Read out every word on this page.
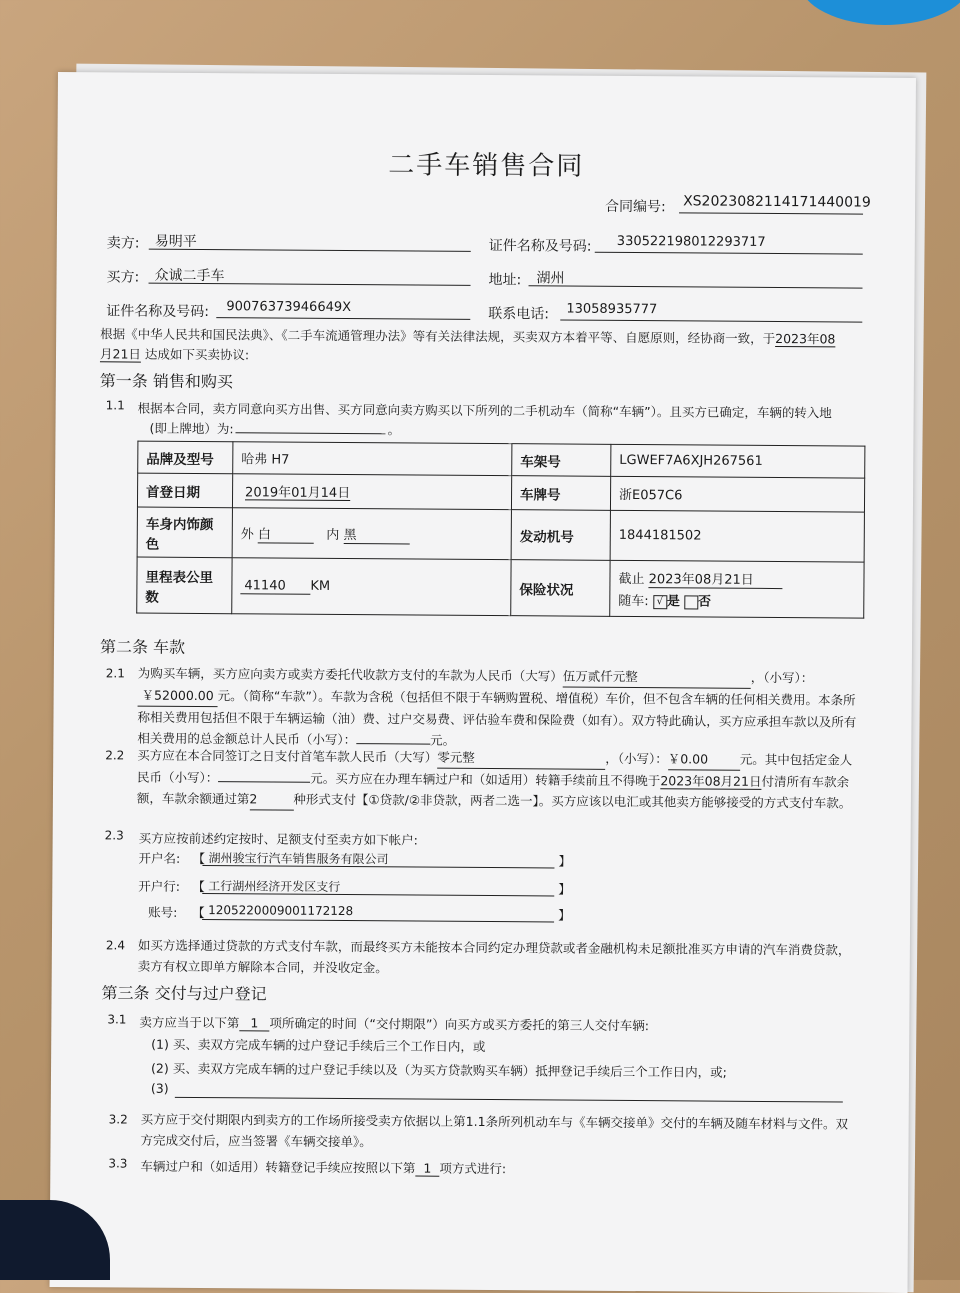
二手车销售合同
合同编号: XS2023082114171440019
卖方: 易明平	证件名称及号码: 330522198012293717
买方: 众诚二手车	地址: 湖州
证件名称及号码: 90076373946649X	联系电话: 13058935777
根据《中华人民共和国民法典》、《二手车流通管理办法》等有关法律法规，买卖双方本着平等、自愿原则，经协商一致，于2023年08
月21日 达成如下买卖协议:
第一条 销售和购买
1.1 根据本合同，卖方同意向买方出售、买方同意向卖方购买以下所列的二手机动车（简称“车辆”）。且买方已确定，车辆的转入地
(即上牌地）为:	。
品牌及型号	哈弗 H7	车架号	LGWEF7A6XJH267561
首登日期	2019年01月14日	车牌号	浙E057C6
车身内饰颜色	外 白 内 黑	发动机号	1844181502
里程表公里数	41140 KM	保险状况	截止 2023年08月21日
随车: √ 是 否
第二条 车款
2.1 为购买车辆，买方应向卖方或卖方委托代收款方支付的车款为人民币（大写）伍万贰仟元整	，（小写）：￥52000.00 元。（简称“车款”）。车款为含税（包括但不限于车辆购置税、增值税）车价，但不包含车辆的任何相关费用。本条所称相关费用包括但不限于车辆运输（油）费、过户交易费、评估验车费和保险费（如有）。双方特此确认，买方应承担车款以及所有相关费用的总金额总计人民币（小写）：	元。
2.2 买方应在本合同签订之日支付首笔车款人民币（大写）零元整	，（小写）：￥0.00	元。其中包括定金人民币（小写）：	元。买方应在办理车辆过户和（如适用）转籍手续前且不得晚于2023年08月21日付清所有车款余额，车款余额通过第2	种形式支付【①贷款/②非贷款，两者二选一】。买方应该以电汇或其他卖方能够接受的方式支付车款。
2.3 买方应按前述约定按时、足额支付至卖方如下帐户:
开户名: 【 湖州骏宝行汽车销售服务有限公司	】
开户行: 【 工行湖州经济开发区支行	】
账号: 【 1205220009001172128	】
2.4 如买方选择通过贷款的方式支付车款，而最终买方未能按本合同约定办理贷款或者金融机构未足额批准买方申请的汽车消费贷款，卖方有权立即单方解除本合同，并没收定金。
第三条 交付与过户登记
3.1 卖方应当于以下第 1 项所确定的时间（“交付期限”）向买方或买方委托的第三人交付车辆:
(1) 买、卖双方完成车辆的过户登记手续后三个工作日内，或
(2) 买、卖双方完成车辆的过户登记手续以及（为买方贷款购买车辆）抵押登记手续后三个工作日内，或;
(3)
3.2 买方应于交付期限内到卖方的工作场所接受卖方依据以上第1.1条所列机动车与《车辆交接单》交付的车辆及随车材料与文件。双方完成交付后，应当签署《车辆交接单》。
3.3 车辆过户和（如适用）转籍登记手续应按照以下第 1 项方式进行:
